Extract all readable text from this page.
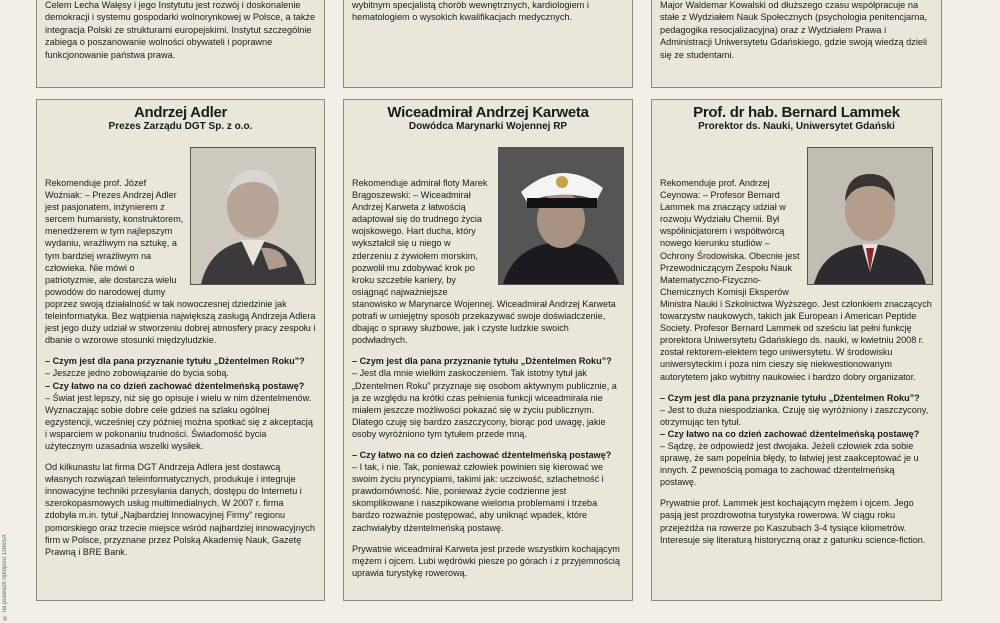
® na prawach rękopisu 1166SA
Celem Lecha Wałęsy i jego Instytutu jest rozwój i doskonalenie demokracji i systemu gospodarki wolnorynkowej w Polsce, a także integracja Polski ze strukturami europejskimi. Instytut szczególnie zabiega o poszanowanie wolności obywateli i poprawne funkcjonowanie państwa prawa.
wybitnym specjalistą chorób wewnętrznych, kardiologiem i hematologiem o wysokich kwalifikacjach medycznych.
Major Waldemar Kowalski od dłuższego czasu współpracuje na stałe z Wydziałem Nauk Społecznych (psychologia penitencjarna, pedagogika resocjalizacyjna) oraz z Wydziałem Prawa i Administracji Uniwersytetu Gdańskiego, gdzie swoją wiedzą dzieli się ze studentami.
Andrzej Adler
Prezes Zarządu DGT Sp. z o.o.

Rekomenduje prof. Józef Woźniak: – Prezes Andrzej Adler jest pasjonatem, inżynierem z sercem humanisty, konstruktorem, menedżerem w tym najlepszym wydaniu, wrażliwym na sztukę, a tym bardziej wrażliwym na człowieka. Nie mówi o patriotyzmie, ale dostarcza wielu powodów do narodowej dumy poprzez swoją działalność w tak nowoczesnej dziedzinie jak teleinformatyka. Bez wątpienia największą zasługą Andrzeja Adlera jest jego duży udział w stworzeniu dobrej atmosfery pracy zespołu i dbanie o wzorowe stosunki międzyludzkie.

– Czym jest dla pana przyznanie tytułu „Dżentelmen Roku”?
– Jeszcze jedno zobowiązanie do bycia sobą.
– Czy łatwo na co dzień zachować dżentelmeńską postawę?

– Świat jest lepszy, niż się go opisuje i wielu w nim dżentelmenów. Wyznaczając sobie dobre cele gdzieś na szlaku ogólnej egzystencji, wcześniej czy później można spotkać się z akceptacją i wsparciem w pokonaniu trudności. Świadomość bycia użytecznym uzasadnia wszelki wysiłek.

Od kilkunastu lat firma DGT Andrzeja Adlera jest dostawcą własnych rozwiązań teleinformatycznych, produkuje i integruje innowacyjne techniki przesyłania danych, dostępu do Internetu i szerokopasmowych usług multimedialnych. W 2007 r. firma zdobyła m.in. tytuł „Najbardziej Innowacyjnej Firmy” regionu pomorskiego oraz trzecie miejsce wśród najbardziej innowacyjnych firm w Polsce, przyznane przez Polską Akademię Nauk, Gazetę Prawną i BRE Bank.

Wiceadmirał Andrzej Karweta
Dowódca Marynarki Wojennej RP

Rekomenduje admirał floty Marek Brągoszewski: – Wiceadmirał Andrzej Karweta z łatwością adaptował się do trudnego życia wojskowego. Hart ducha, który wykształcił się u niego w zderzeniu z żywiołem morskim, pozwolił mu zdobywać krok po kroku szczeble kariery, by osiągnąć najważniejsze stanowisko w Marynarce Wojennej. Wiceadmirał Andrzej Karweta potrafi w umiejętny sposób przekazywać swoje doświadczenie, dbając o sprawy służbowe, jak i czyste ludzkie swoich podwładnych.

– Czym jest dla pana przyznanie tytułu „Dżentelmen Roku”?

– Jest dla mnie wielkim zaskoczeniem. Tak istotny tytuł jak „Dżentelmen Roku” przyznaje się osobom aktywnym publicznie, a ja ze względu na krótki czas pełnienia funkcji wiceadmirała nie miałem jeszcze możliwości pokazać się w życiu publicznym. Dlatego czuję się bardzo zaszczycony, biorąc pod uwagę, jakie osoby wyróżniono tym tytułem przede mną.

– Czy łatwo na co dzień zachować dżentelmeńską postawę?

– I tak, i nie. Tak, ponieważ człowiek powinien się kierować we swoim życiu pryncypiami, takimi jak: uczciwość, szlachetność i prawdomówność. Nie, ponieważ życie codzienne jest skomplikowane i naszpikowane wieloma problemami i trzeba bardzo rozważnie postępować, aby uniknąć wpadek, które zachwiałyby dżentelmeńską postawę.

Prywatnie wiceadmirał Karweta jest przede wszystkim kochającym mężem i ojcem. Lubi wędrówki piesze po górach i z przyjemnością uprawia turystykę rowerową.

Prof. dr hab. Bernard Lammek
Prorektor ds. Nauki, Uniwersytet Gdański

Rekomenduje prof. Andrzej Ceynowa: – Profesor Bernard Lammek ma znaczący udział w rozwoju Wydziału Chemii. Był współinicjatorem i współtwórcą nowego kierunku studiów – Ochrony Środowiska. Obecnie jest Przewodniczącym Zespołu Nauk Matematyczno-Fizyczno-Chemicznych Komisji Eksperów Ministra Nauki i Szkolnictwa Wyższego. Jest członkiem znaczących towarzystw naukowych, takich jak European i American Peptide Society. Profesor Bernard Lammek od sześciu lat pełni funkcję prorektora Uniwersytetu Gdańskiego ds. nauki, w kwietniu 2008 r. został rektorem-elektem tego uniwersytetu. W środowisku uniwersyteckim i poza nim cieszy się niekwestionowanym autorytetem jako wybitny naukowiec i bardzo dobry organizator.

– Czym jest dla pana przyznanie tytułu „Dżentelmen Roku”?
– Jest to duża niespodzianka. Czuję się wyróżniony i zaszczycony, otrzymując ten tytuł.
– Czy łatwo na co dzień zachować dżentelmeńską postawę?

– Sądzę, że odpowiedź jest dwojaka. Jeżeli człowiek zda sobie sprawę, że sam popełnia błędy, to łatwiej jest zaakceptować je u innych. Z pewnością pomaga to zachować dżentelmeńską postawę.

Prywatnie prof. Lammek jest kochającym mężem i ojcem. Jego pasją jest prozdrowotna turystyka rowerowa. W ciągu roku przejeżdża na rowerze po Kaszubach 3-4 tysiące kilometrów. Interesuje się literaturą historyczną oraz z gatunku science-fiction.
